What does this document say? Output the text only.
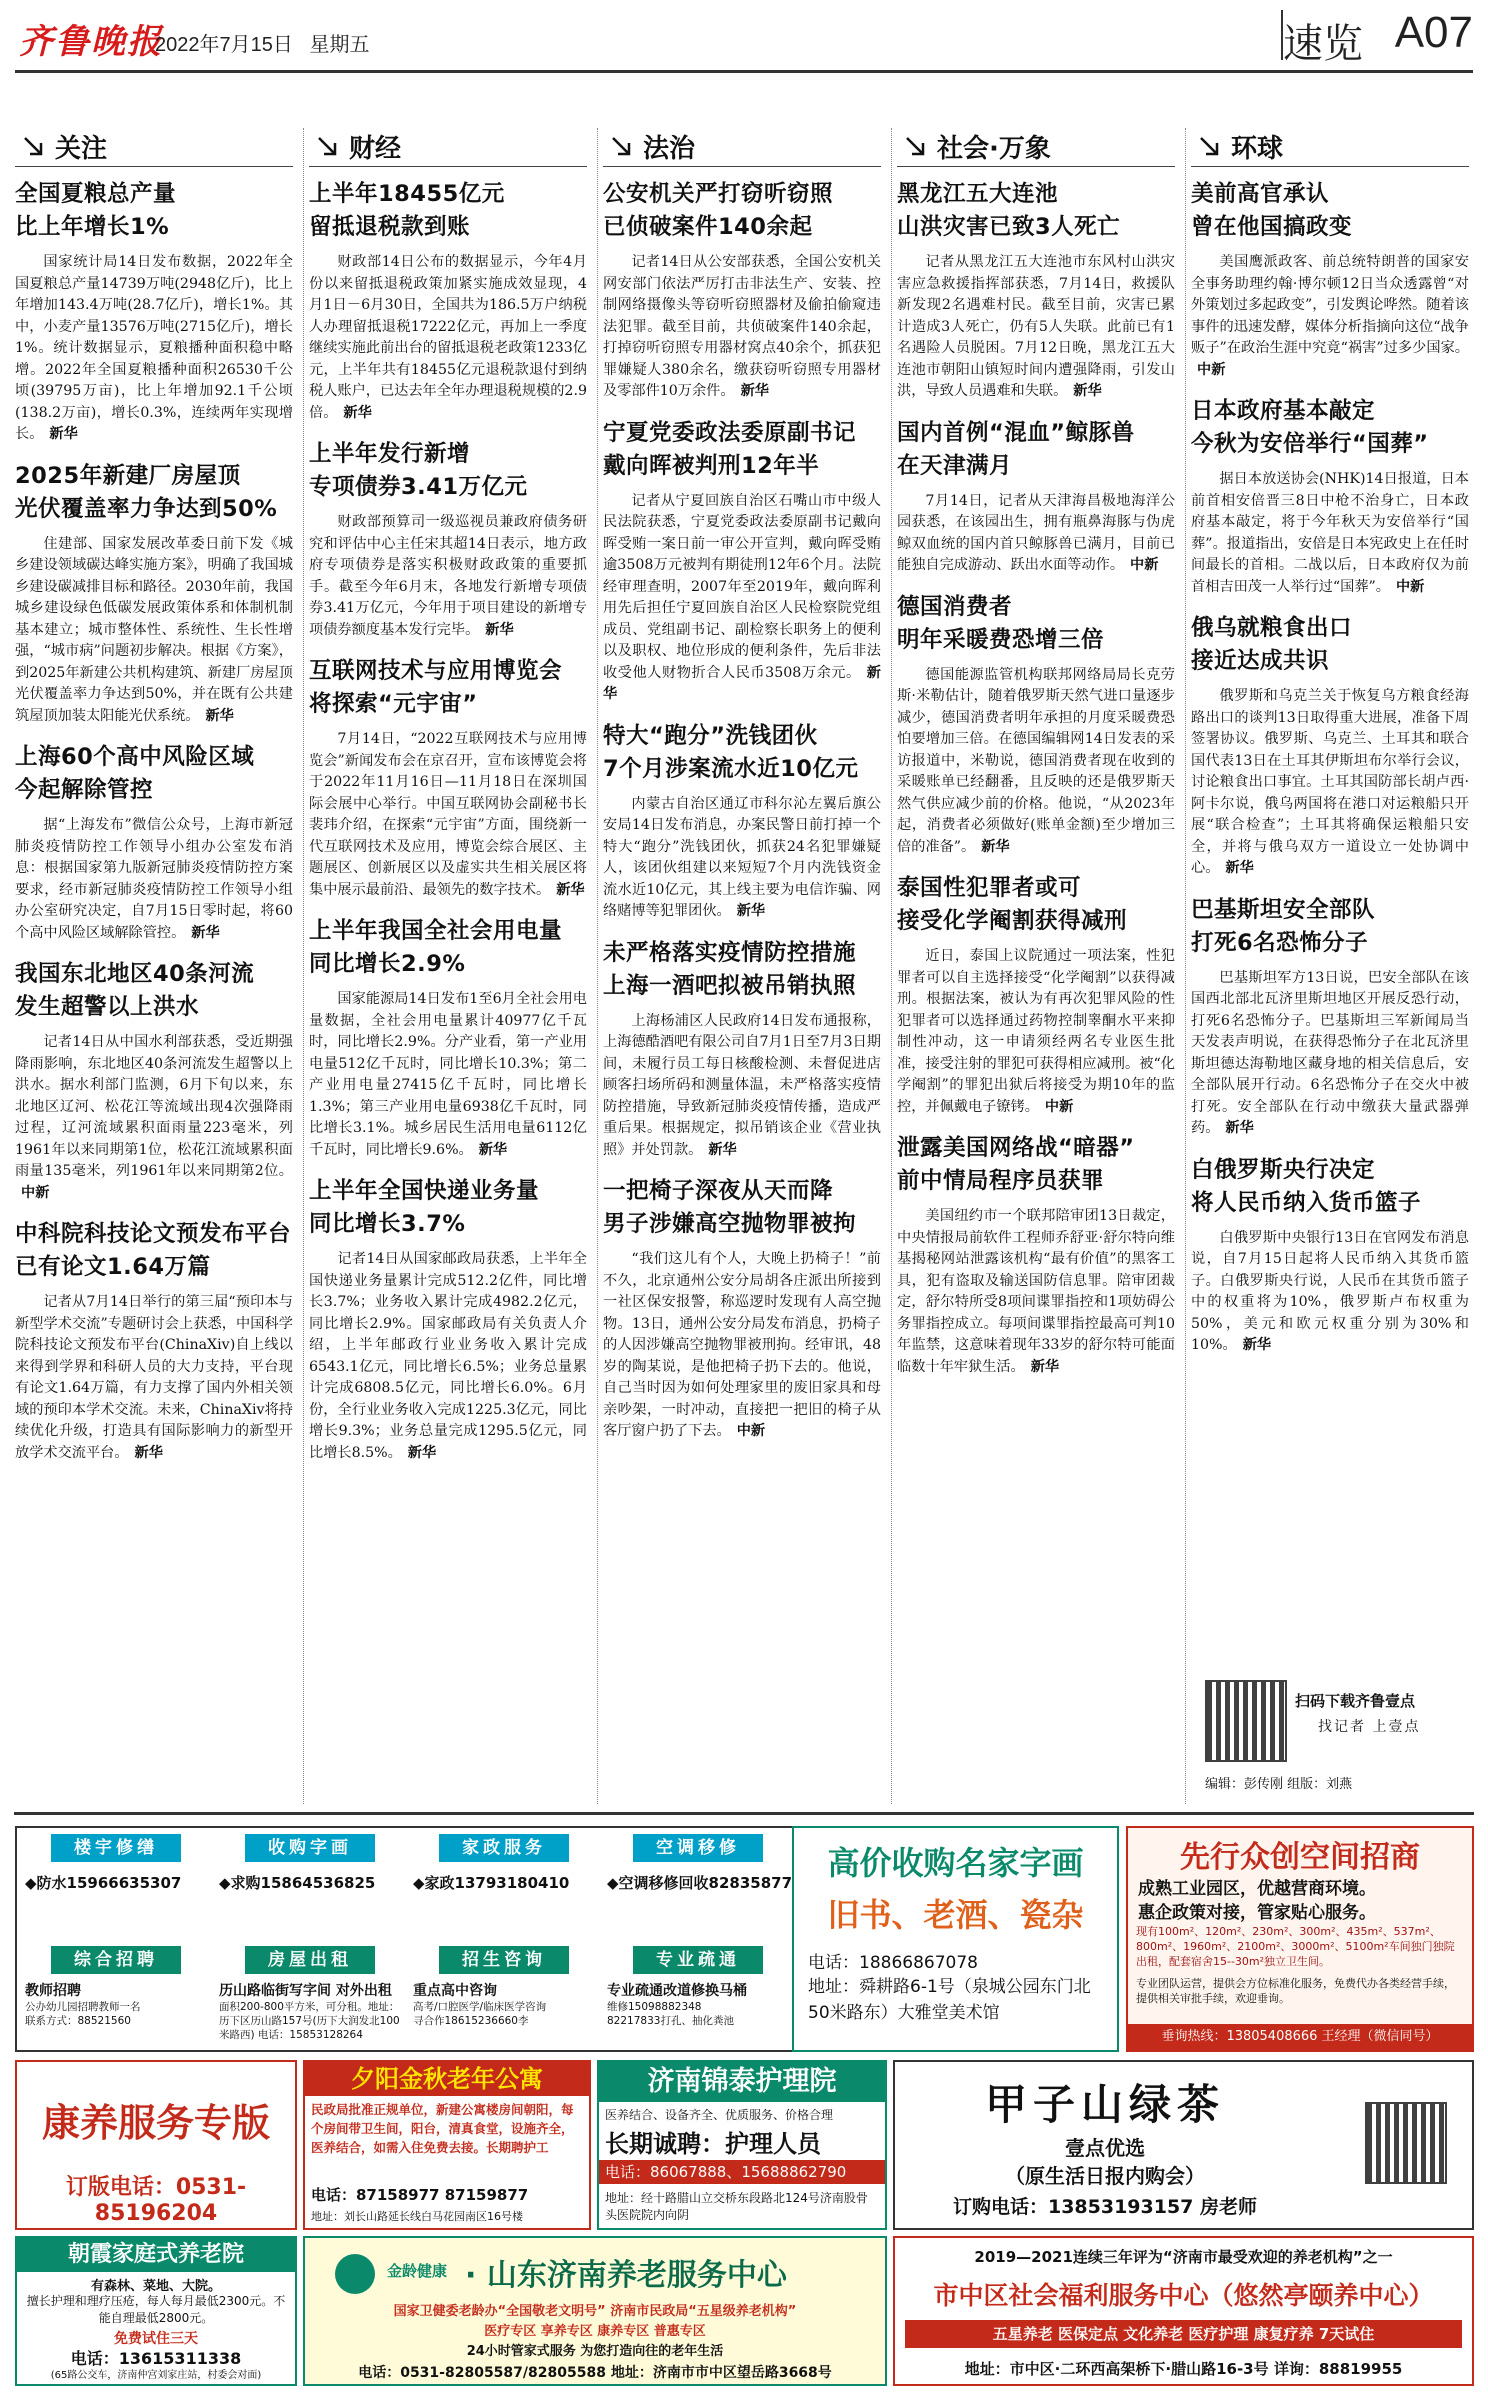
齐鲁晚报
2022年7月15日 星期五	速览 A07
关注
全国夏粮总产量
比上年增长1%

国家统计局14日发布数据，2022年全国夏粮总产量14739万吨(2948亿斤)，比上年增加143.4万吨(28.7亿斤)，增长1%。其中，小麦产量13576万吨(2715亿斤)，增长1%。统计数据显示，夏粮播种面积稳中略增。2022年全国夏粮播种面积26530千公顷(39795万亩)，比上年增加92.1千公顷(138.2万亩)，增长0.3%，连续两年实现增长。 新华

2025年新建厂房屋顶
光伏覆盖率力争达到50%

住建部、国家发展改革委日前下发《城乡建设领域碳达峰实施方案》，明确了我国城乡建设碳减排目标和路径。2030年前，我国城乡建设绿色低碳发展政策体系和体制机制基本建立；城市整体性、系统性、生长性增强，“城市病”问题初步解决。根据《方案》，到2025年新建公共机构建筑、新建厂房屋顶光伏覆盖率力争达到50%，并在既有公共建筑屋顶加装太阳能光伏系统。 新华

上海60个高中风险区域
今起解除管控

据“上海发布”微信公众号，上海市新冠肺炎疫情防控工作领导小组办公室发布消息：根据国家第九版新冠肺炎疫情防控方案要求，经市新冠肺炎疫情防控工作领导小组办公室研究决定，自7月15日零时起，将60个高中风险区域解除管控。 新华

我国东北地区40条河流
发生超警以上洪水

记者14日从中国水利部获悉，受近期强降雨影响，东北地区40条河流发生超警以上洪水。据水利部门监测，6月下旬以来，东北地区辽河、松花江等流域出现4次强降雨过程，辽河流域累积面雨量223毫米，列1961年以来同期第1位，松花江流域累积面雨量135毫米，列1961年以来同期第2位。中新

中科院科技论文预发布平台
已有论文1.64万篇

记者从7月14日举行的第三届“预印本与新型学术交流”专题研讨会上获悉，中国科学院科技论文预发布平台(ChinaXiv)自上线以来得到学界和科研人员的大力支持，平台现有论文1.64万篇，有力支撑了国内外相关领域的预印本学术交流。未来，ChinaXiv将持续优化升级，打造具有国际影响力的新型开放学术交流平台。 新华

财经
上半年18455亿元
留抵退税款到账

财政部14日公布的数据显示，今年4月份以来留抵退税政策加紧实施成效显现，4月1日－6月30日，全国共为186.5万户纳税人办理留抵退税17222亿元，再加上一季度继续实施此前出台的留抵退税老政策1233亿元，上半年共有18455亿元退税款退付到纳税人账户，已达去年全年办理退税规模的2.9倍。 新华

上半年发行新增
专项债券3.41万亿元

财政部预算司一级巡视员兼政府债务研究和评估中心主任宋其超14日表示，地方政府专项债券是落实积极财政政策的重要抓手。截至今年6月末，各地发行新增专项债券3.41万亿元，今年用于项目建设的新增专项债券额度基本发行完毕。 新华

互联网技术与应用博览会
将探索“元宇宙”

7月14日，“2022互联网技术与应用博览会”新闻发布会在京召开，宣布该博览会将于2022年11月16日—11月18日在深圳国际会展中心举行。中国互联网协会副秘书长裴玮介绍，在探索“元宇宙”方面，围绕新一代互联网技术及应用，博览会综合展区、主题展区、创新展区以及虚实共生相关展区将集中展示最前沿、最领先的数字技术。 新华

上半年我国全社会用电量
同比增长2.9%

国家能源局14日发布1至6月全社会用电量数据，全社会用电量累计40977亿千瓦时，同比增长2.9%。分产业看，第一产业用电量512亿千瓦时，同比增长10.3%；第二产业用电量27415亿千瓦时，同比增长1.3%；第三产业用电量6938亿千瓦时，同比增长3.1%。城乡居民生活用电量6112亿千瓦时，同比增长9.6%。 新华

上半年全国快递业务量
同比增长3.7%

记者14日从国家邮政局获悉，上半年全国快递业务量累计完成512.2亿件，同比增长3.7%；业务收入累计完成4982.2亿元，同比增长2.9%。国家邮政局有关负责人介绍，上半年邮政行业业务收入累计完成6543.1亿元，同比增长6.5%；业务总量累计完成6808.5亿元，同比增长6.0%。6月份，全行业业务收入完成1225.3亿元，同比增长9.3%；业务总量完成1295.5亿元，同比增长8.5%。 新华

法治
公安机关严打窃听窃照
已侦破案件140余起

记者14日从公安部获悉，全国公安机关网安部门依法严厉打击非法生产、安装、控制网络摄像头等窃听窃照器材及偷拍偷窥违法犯罪。截至目前，共侦破案件140余起，打掉窃听窃照专用器材窝点40余个，抓获犯罪嫌疑人380余名，缴获窃听窃照专用器材及零部件10万余件。 新华

宁夏党委政法委原副书记
戴向晖被判刑12年半

记者从宁夏回族自治区石嘴山市中级人民法院获悉，宁夏党委政法委原副书记戴向晖受贿一案日前一审公开宣判，戴向晖受贿逾3508万元被判有期徒刑12年6个月。法院经审理查明，2007年至2019年，戴向晖利用先后担任宁夏回族自治区人民检察院党组成员、党组副书记、副检察长职务上的便利以及职权、地位形成的便利条件，先后非法收受他人财物折合人民币3508万余元。 新华

特大“跑分”洗钱团伙
7个月涉案流水近10亿元

内蒙古自治区通辽市科尔沁左翼后旗公安局14日发布消息，办案民警日前打掉一个特大“跑分”洗钱团伙，抓获24名犯罪嫌疑人，该团伙组建以来短短7个月内洗钱资金流水近10亿元，其上线主要为电信诈骗、网络赌博等犯罪团伙。 新华

未严格落实疫情防控措施
上海一酒吧拟被吊销执照

上海杨浦区人民政府14日发布通报称，上海德酷酒吧有限公司自7月1日至7月3日期间，未履行员工每日核酸检测、未督促进店顾客扫场所码和测量体温，未严格落实疫情防控措施，导致新冠肺炎疫情传播，造成严重后果。根据规定，拟吊销该企业《营业执照》并处罚款。 新华

一把椅子深夜从天而降
男子涉嫌高空抛物罪被拘

“我们这儿有个人，大晚上扔椅子！”前不久，北京通州公安分局胡各庄派出所接到一社区保安报警，称巡逻时发现有人高空抛物。13日，通州公安分局发布消息，扔椅子的人因涉嫌高空抛物罪被刑拘。经审讯，48岁的陶某说，是他把椅子扔下去的。他说，自己当时因为如何处理家里的废旧家具和母亲吵架，一时冲动，直接把一把旧的椅子从客厅窗户扔了下去。 中新

社会·万象
黑龙江五大连池
山洪灾害已致3人死亡

记者从黑龙江五大连池市东风村山洪灾害应急救援指挥部获悉，7月14日，救援队新发现2名遇难村民。截至目前，灾害已累计造成3人死亡，仍有5人失联。此前已有1名遇险人员脱困。7月12日晚，黑龙江五大连池市朝阳山镇短时间内遭强降雨，引发山洪，导致人员遇难和失联。 新华

国内首例“混血”鲸豚兽
在天津满月

7月14日，记者从天津海昌极地海洋公园获悉，在该园出生，拥有瓶鼻海豚与伪虎鲸双血统的国内首只鲸豚兽已满月，目前已能独自完成游动、跃出水面等动作。 中新

德国消费者
明年采暖费恐增三倍

德国能源监管机构联邦网络局局长克劳斯·米勒估计，随着俄罗斯天然气进口量逐步减少，德国消费者明年承担的月度采暖费恐怕要增加三倍。在德国编辑网14日发表的采访报道中，米勒说，德国消费者现在收到的采暖账单已经翻番，且反映的还是俄罗斯天然气供应减少前的价格。他说，“从2023年起，消费者必须做好(账单金额)至少增加三倍的准备”。 新华

泰国性犯罪者或可
接受化学阉割获得减刑

近日，泰国上议院通过一项法案，性犯罪者可以自主选择接受“化学阉割”以获得减刑。根据法案，被认为有再次犯罪风险的性犯罪者可以选择通过药物控制睾酮水平来抑制性冲动，这一申请须经两名专业医生批准，接受注射的罪犯可获得相应减刑。被“化学阉割”的罪犯出狱后将接受为期10年的监控，并佩戴电子镣铐。 中新

泄露美国网络战“暗器”
前中情局程序员获罪

美国纽约市一个联邦陪审团13日裁定，中央情报局前软件工程师乔舒亚·舒尔特向维基揭秘网站泄露该机构“最有价值”的黑客工具，犯有盗取及输送国防信息罪。陪审团裁定，舒尔特所受8项间谍罪指控和1项妨碍公务罪指控成立。每项间谍罪指控最高可判10年监禁，这意味着现年33岁的舒尔特可能面临数十年牢狱生活。 新华

环球
美前高官承认
曾在他国搞政变

美国鹰派政客、前总统特朗普的国家安全事务助理约翰·博尔顿12日当众透露曾“对外策划过多起政变”，引发舆论哗然。随着该事件的迅速发酵，媒体分析指摘向这位“战争贩子”在政治生涯中究竟“祸害”过多少国家。中新

日本政府基本敲定
今秋为安倍举行“国葬”

据日本放送协会(NHK)14日报道，日本前首相安倍晋三8日中枪不治身亡，日本政府基本敲定，将于今年秋天为安倍举行“国葬”。报道指出，安倍是日本宪政史上在任时间最长的首相。二战以后，日本政府仅为前首相吉田茂一人举行过“国葬”。 中新

俄乌就粮食出口
接近达成共识

俄罗斯和乌克兰关于恢复乌方粮食经海路出口的谈判13日取得重大进展，准备下周签署协议。俄罗斯、乌克兰、土耳其和联合国代表13日在土耳其伊斯坦布尔举行会议，讨论粮食出口事宜。土耳其国防部长胡卢西·阿卡尔说，俄乌两国将在港口对运粮船只开展“联合检查”；土耳其将确保运粮船只安全，并将与俄乌双方一道设立一处协调中心。 新华

巴基斯坦安全部队
打死6名恐怖分子

巴基斯坦军方13日说，巴安全部队在该国西北部北瓦济里斯坦地区开展反恐行动，打死6名恐怖分子。巴基斯坦三军新闻局当天发表声明说，在获得恐怖分子在北瓦济里斯坦德达海勒地区藏身地的相关信息后，安全部队展开行动。6名恐怖分子在交火中被打死。安全部队在行动中缴获大量武器弹药。 新华

白俄罗斯央行决定
将人民币纳入货币篮子

白俄罗斯中央银行13日在官网发布消息说，自7月15日起将人民币纳入其货币篮子。白俄罗斯央行说，人民币在其货币篮子中的权重将为10%，俄罗斯卢布权重为50%，美元和欧元权重分别为30%和10%。 新华

扫码下载齐鲁壹点
找记者 上壹点
编辑：彭传刚 组版：刘燕
楼宇修缮
◆防水15966635307
收购字画
◆求购15864536825
家政服务
◆家政13793180410
空调移修
◆空调移修回收82835877
综合招聘
教师招聘
公办幼儿园招聘教师一名
联系方式：88521560
房屋出租
历山路临街写字间 对外出租
面积200-800平方米，可分租。地址：历下区历山路157号(历下大润发北100米路西) 电话：15853128264
招生咨询
重点高中咨询
高考/口腔医学/临床医学咨询
寻合作18615236660李
专业疏通
专业疏通改道修换马桶
维修15098882348
82217833打孔、抽化粪池
高价收购名家字画
旧书、老酒、瓷杂
电话：18866867078
地址：舜耕路6-1号（泉城公园东门北50米路东）大雅堂美术馆
先行众创空间招商
成熟工业园区，优越营商环境。
惠企政策对接，管家贴心服务。
现有100m²、120m²、230m²、300m²、435m²、537m²、800m²、1960m²、2100m²、3000m²、5100m²车间独门独院出租，配套宿舍15--30m²独立卫生间。
专业团队运营，提供会方位标准化服务，免费代办各类经营手续，提供相关审批手续，欢迎垂询。
垂询热线：13805408666 王经理（微信同号）
康养服务专版
订版电话：0531-85196204
夕阳金秋老年公寓
民政局批准正规单位，新建公寓楼房间朝阳，每个房间带卫生间，阳台，清真食堂，设施齐全，医养结合，如需入住免费去接。长期聘护工
电话：87158977 87159877
地址：刘长山路延长线白马花园南区16号楼
济南锦泰护理院
医养结合、设备齐全、优质服务、价格合理
长期诚聘：护理人员
电话：86067888、15688862790
地址：经十路腊山立交桥东段路北124号济南股骨头医院院内向阴
甲子山绿茶
壹点优选
（原生活日报内购会）
订购电话：13853193157 房老师
朝霞家庭式养老院
有森林、菜地、大院。
擅长护理和理疗压疮，每人每月最低2300元。不能自理最低2800元。
免费试住三天
电话：13615311338
(65路公交车，济南仲宫刘家庄站，村委会对面)
金龄健康 · 山东济南养老服务中心
国家卫健委老龄办“全国敬老文明号” 济南市民政局“五星级养老机构”
医疗专区 享养专区 康养专区 普惠专区
24小时管家式服务 为您打造向往的老年生活
电话：0531-82805587/82805588 地址：济南市市中区望岳路3668号
2019—2021连续三年评为“济南市最受欢迎的养老机构”之一
市中区社会福利服务中心（悠然亭颐养中心）
五星养老 医保定点 文化养老 医疗护理 康复疗养 7天试住
地址：市中区·二环西高架桥下·腊山路16-3号 详询：88819955
